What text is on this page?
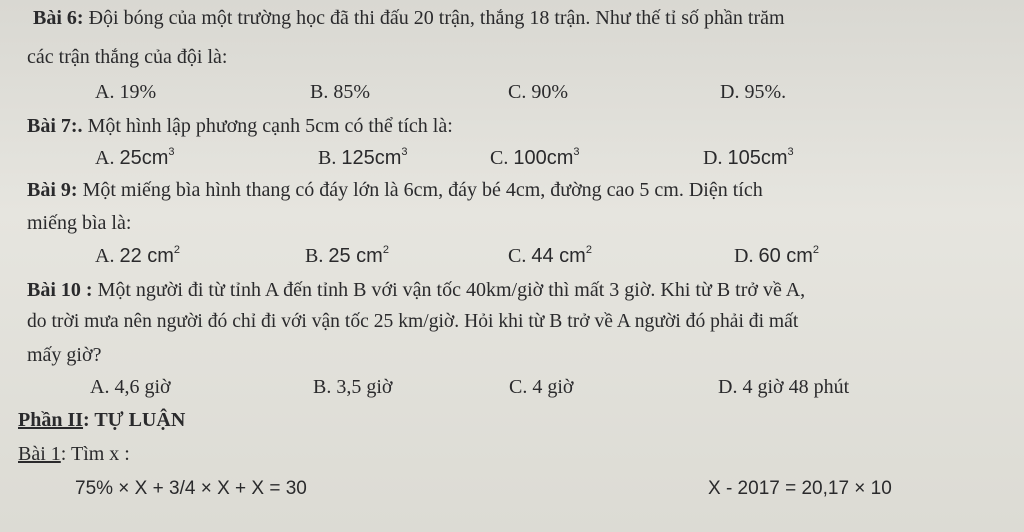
Bài 6: Đội bóng của một trường học đã thi đấu 20 trận, thắng 18 trận. Như thế tỉ số phần trăm
các trận thắng của đội là:
A. 19%	B. 85%	C. 90%	D. 95%.
Bài 7:. Một hình lập phương cạnh 5cm có thể tích là:
A. $25cm^3$	B. $125cm^3$	C. $100cm^3$	D. $105cm^3$
Bài 9: Một miếng bìa hình thang có đáy lớn là 6cm, đáy bé 4cm, đường cao 5 cm. Diện tích
miếng bìa là:
A. 22 $cm^2$	B. 25 $cm^2$	C. 44 $cm^2$	D. 60 $cm^2$
Bài 10 : Một người đi từ tỉnh A đến tỉnh B với vận tốc 40km/giờ thì mất 3 giờ. Khi từ B trở về A,
do trời mưa nên người đó chỉ đi với vận tốc 25 km/giờ. Hỏi khi từ B trở về A người đó phải đi mất
mấy giờ?
A. 4,6 giờ	B. 3,5 giờ	C. 4 giờ	D. 4 giờ 48 phút
Phần II: TỰ LUẬN
Bài 1: Tìm x :
75% × X + 3/4 × X + X = 30	X - 2017 = 20,17 × 10
